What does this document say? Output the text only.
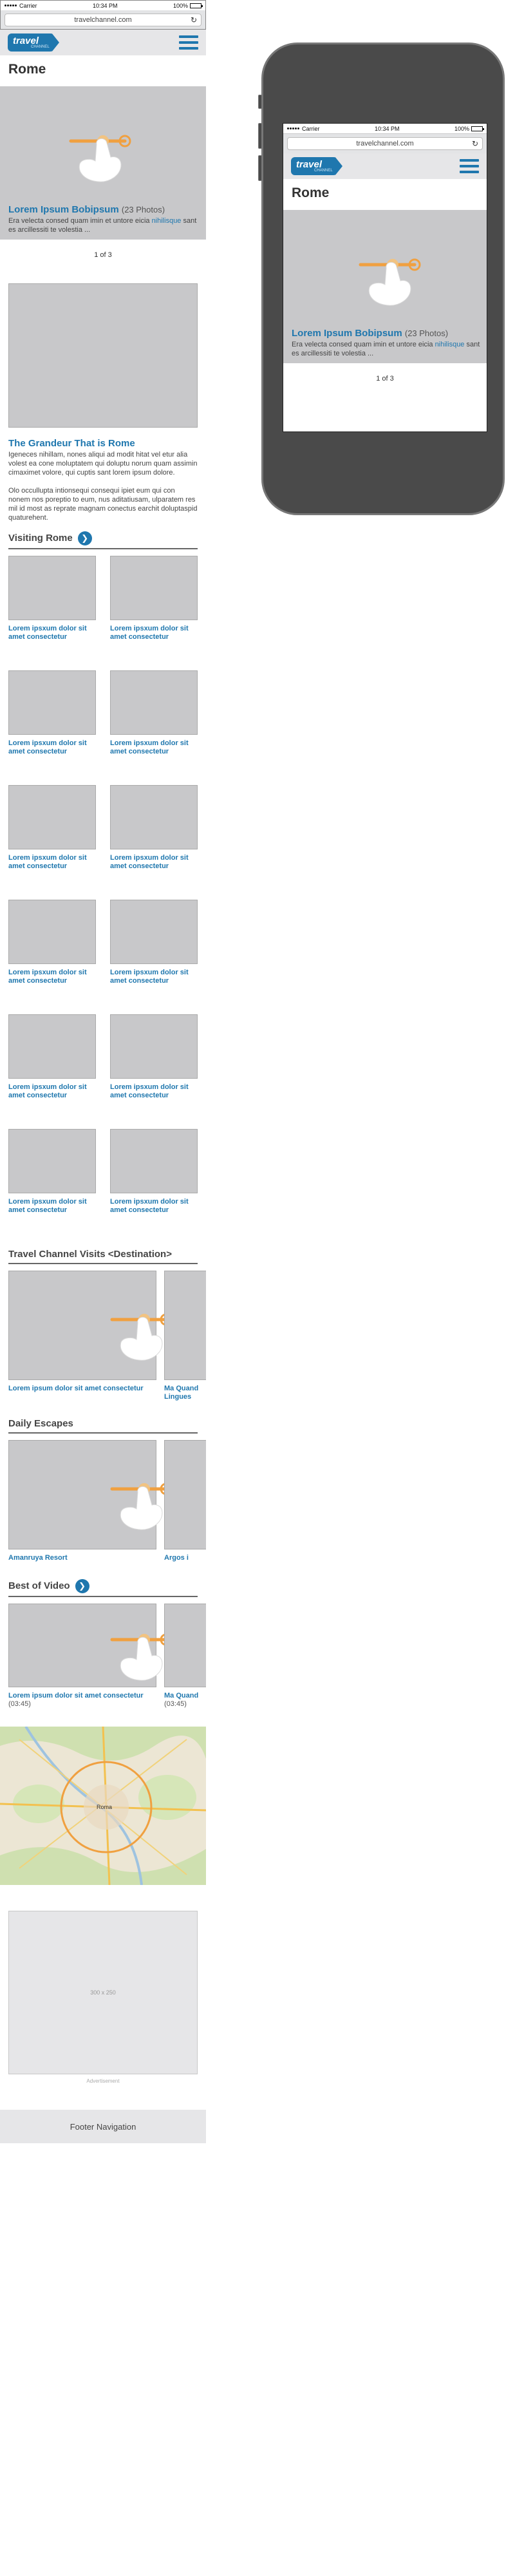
Carrier	10:34 PM	100%
travelchannel.com	↻
travel
CHANNEL
Rome
Lorem Ipsum Bobipsum (23 Photos)
Era velecta consed quam imin et untore eicia nihilisque sant es arcillessiti te volestia ...
1 of 3
The Grandeur That is Rome

Igeneces nihillam, nones aliqui ad modit hitat vel etur alia volest ea cone moluptatem qui doluptu norum quam assimin cimaximet volore, qui cuptis sant lorem ipsum dolore.

Olo occullupta intionsequi consequi ipiet eum qui con nonem nos poreptio to eum, nus aditatiusam, ulparatem res mil id most as reprate magnam conectus earchit doluptaspid quaturehent.

Visiting Rome	❯
Lorem ipsxum dolor sit amet consectetur
Lorem ipsxum dolor sit amet consectetur
Lorem ipsxum dolor sit amet consectetur
Lorem ipsxum dolor sit amet consectetur
Lorem ipsxum dolor sit amet consectetur
Lorem ipsxum dolor sit amet consectetur
Lorem ipsxum dolor sit amet consectetur
Lorem ipsxum dolor sit amet consectetur
Lorem ipsxum dolor sit amet consectetur
Lorem ipsxum dolor sit amet consectetur
Lorem ipsxum dolor sit amet consectetur
Lorem ipsxum dolor sit amet consectetur
Travel Channel Visits <Destination>
Lorem ipsum dolor sit amet consectetur	Ma Quand Lingues
Daily Escapes
Amanruya Resort	Argos i
Best of Video	❯
Lorem ipsum dolor sit amet consectetur (03:45)
Ma Quand
(03:45)
Roma
300 x 250
Advertisement
Footer Navigation
Carrier	10:34 PM	100%
travelchannel.com	↻
travel
CHANNEL
Rome
Lorem Ipsum Bobipsum (23 Photos)
Era velecta consed quam imin et untore eicia nihilisque sant es arcillessiti te volestia ...
1 of 3
